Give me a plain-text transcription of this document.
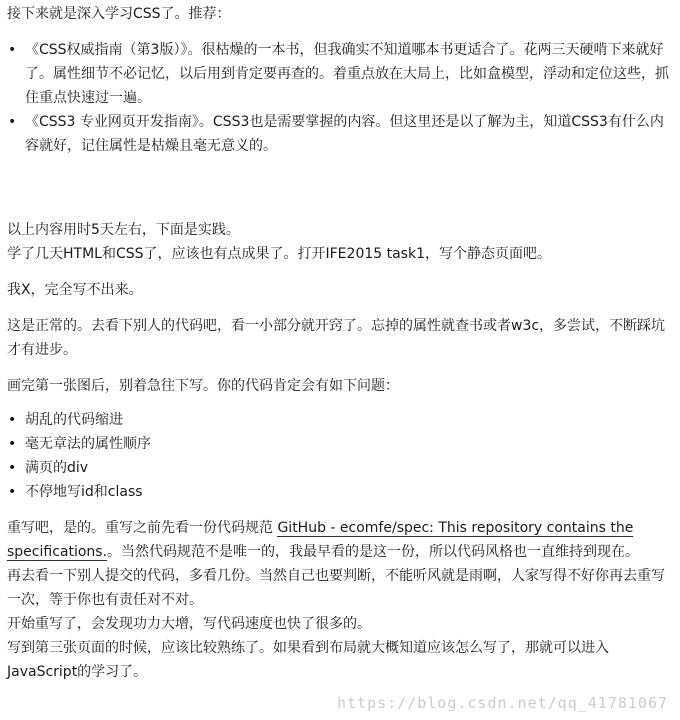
接下来就是深入学习CSS了。推荐：

• 《CSS权威指南（第3版）》。很枯燥的一本书，但我确实不知道哪本书更适合了。花两三天硬啃下来就好了。属性细节不必记忆，以后用到肯定要再查的。着重点放在大局上，比如盒模型，浮动和定位这些，抓住重点快速过一遍。
• 《CSS3 专业网页开发指南》。CSS3也是需要掌握的内容。但这里还是以了解为主，知道CSS3有什么内容就好，记住属性是枯燥且毫无意义的。

以上内容用时5天左右，下面是实践。

学了几天HTML和CSS了，应该也有点成果了。打开IFE2015 task1，写个静态页面吧。

我X，完全写不出来。

这是正常的。去看下别人的代码吧，看一小部分就开窍了。忘掉的属性就查书或者w3c，多尝试，不断踩坑才有进步。

画完第一张图后，别着急往下写。你的代码肯定会有如下问题：

• 胡乱的代码缩进
• 毫无章法的属性顺序
• 满页的div
• 不停地写id和class

重写吧，是的。重写之前先看一份代码规范 GitHub - ecomfe/spec: This repository contains the specifications.。当然代码规范不是唯一的，我最早看的是这一份，所以代码风格也一直维持到现在。

再去看一下别人提交的代码，多看几份。当然自己也要判断，不能听风就是雨啊，人家写得不好你再去重写一次，等于你也有责任对不对。

开始重写了，会发现功力大增，写代码速度也快了很多的。

写到第三张页面的时候，应该比较熟练了。如果看到布局就大概知道应该怎么写了，那就可以进入JavaScript的学习了。

https://blog.csdn.net/qq_41781067
